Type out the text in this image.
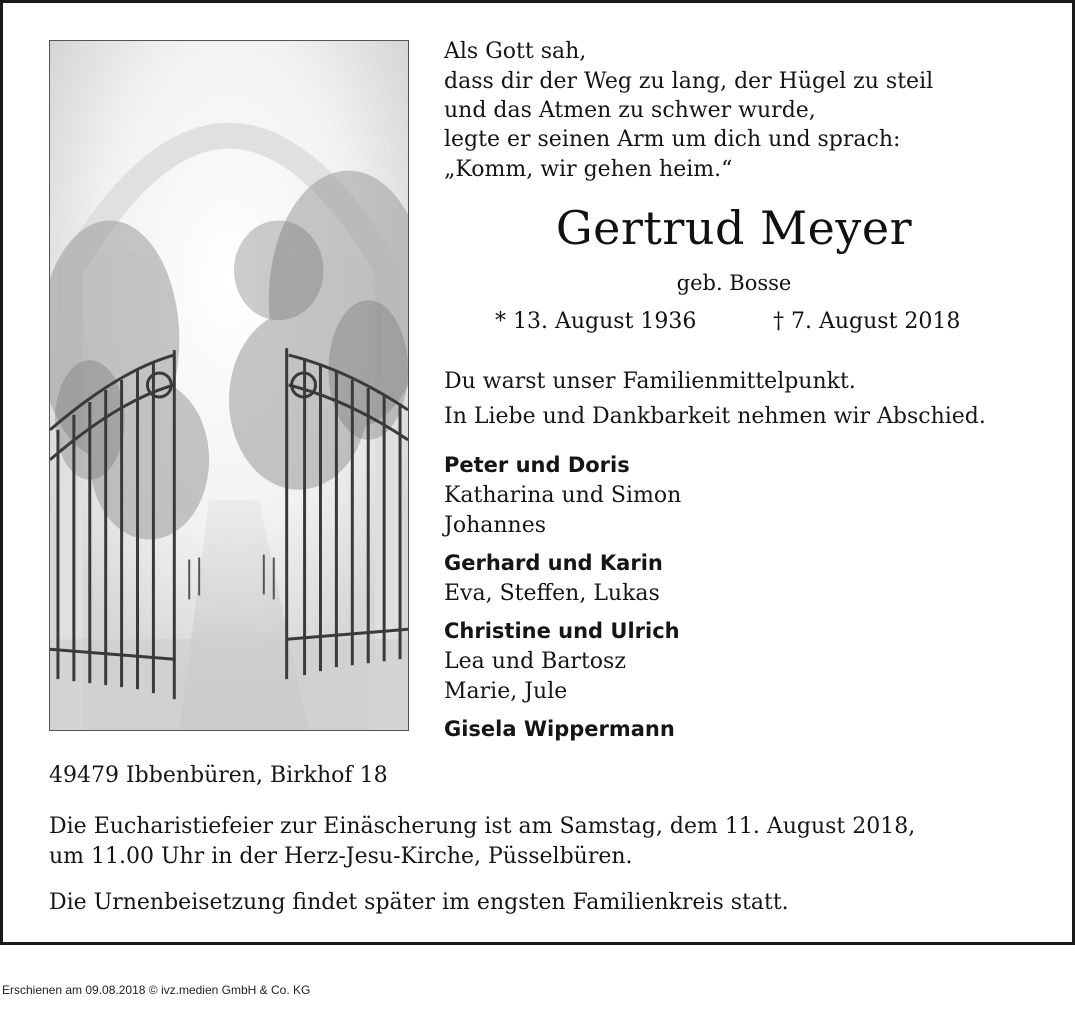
Als Gott sah,
dass dir der Weg zu lang, der Hügel zu steil
und das Atmen zu schwer wurde,
legte er seinen Arm um dich und sprach:
„Komm, wir gehen heim.“
Gertrud Meyer
geb. Bosse
* 13. August 1936	† 7. August 2018
Du warst unser Familienmittelpunkt.
In Liebe und Dankbarkeit nehmen wir Abschied.
Peter und Doris
Katharina und Simon
Johannes
Gerhard und Karin
Eva, Steffen, Lukas
Christine und Ulrich
Lea und Bartosz
Marie, Jule
Gisela Wippermann
49479 Ibbenbüren, Birkhof 18
Die Eucharistiefeier zur Einäscherung ist am Samstag, dem 11. August 2018,
um 11.00 Uhr in der Herz-Jesu-Kirche, Püsselbüren.
Die Urnenbeisetzung findet später im engsten Familienkreis statt.
Erschienen am 09.08.2018 © ivz.medien GmbH & Co. KG
